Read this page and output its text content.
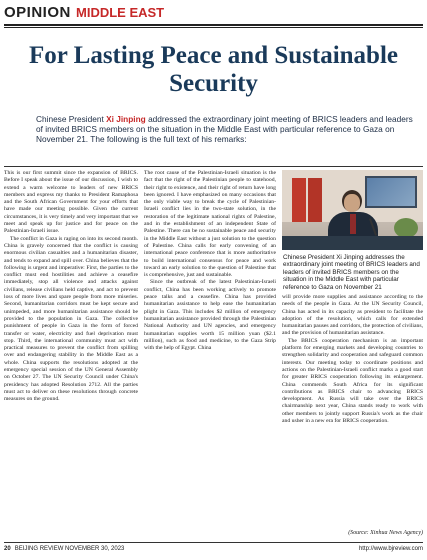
OPINION MIDDLE EAST
For Lasting Peace and Sustainable Security
Chinese President Xi Jinping addressed the extraordinary joint meeting of BRICS leaders and leaders of invited BRICS members on the situation in the Middle East with particular reference to Gaza on November 21. The following is the full text of his remarks:

This is our first summit since the expansion of BRICS. Before I speak about the issue of our discussion, I wish to extend a warm welcome to leaders of new BRICS members and express my thanks to President Ramaphosa and the South African Government for your efforts that have made our meeting possible. Given the current circumstances, it is very timely and very important that we meet and speak up for justice and for peace on the Palestinian-Israeli issue.

The conflict in Gaza is raging on into its second month. China is gravely concerned that the conflict is causing enormous civilian casualties and a humanitarian disaster, and tends to expand and spill over. China believes that the following is urgent and imperative: First, the parties to the conflict must end hostilities and achieve a ceasefire immediately, stop all violence and attacks against civilians, release civilians held captive, and act to prevent loss of more lives and spare people from more miseries. Second, humanitarian corridors must be kept secure and unimpeded, and more humanitarian assistance should be provided to the population in Gaza. The collective punishment of people in Gaza in the form of forced transfer or water, electricity and fuel deprivation must stop. Third, the international community must act with practical measures to prevent the conflict from spilling over and endangering stability in the Middle East as a whole. China supports the resolutions adopted at the emergency special session of the UN General Assembly on October 27. The UN Security Council under China's presidency has adopted Resolution 2712. All the parties must act to deliver on these resolutions through concrete measures on the ground.

The root cause of the Palestinian-Israeli situation is the fact that the right of the Palestinian people to statehood, their right to existence, and their right of return have long been ignored. I have emphasized on many occasions that the only viable way to break the cycle of Palestinian-Israeli conflict lies in the two-state solution, in the restoration of the legitimate national rights of Palestine, and in the establishment of an independent State of Palestine. There can be no sustainable peace and security in the Middle East without a just solution to the question of Palestine. China calls for early convening of an international peace conference that is more authoritative to build international consensus for peace and work toward an early solution to the question of Palestine that is comprehensive, just and sustainable.

Since the outbreak of the latest Palestinian-Israeli conflict, China has been working actively to promote peace talks and a ceasefire. China has provided humanitarian assistance to help ease the humanitarian plight in Gaza. This includes $2 million of emergency humanitarian assistance provided through the Palestinian National Authority and UN agencies, and emergency humanitarian supplies worth 15 million yuan ($2.1 million), such as food and medicine, to the Gaza Strip with the help of Egypt. China

Chinese President Xi Jinping addresses the extraordinary joint meeting of BRICS leaders and leaders of invited BRICS members on the situation in the Middle East with particular reference to Gaza on November 21

will provide more supplies and assistance according to the needs of the people in Gaza. At the UN Security Council, China has acted in its capacity as president to facilitate the adoption of the resolution, which calls for extended humanitarian pauses and corridors, the protection of civilians, and the provision of humanitarian assistance.

The BRICS cooperation mechanism is an important platform for emerging markets and developing countries to strengthen solidarity and cooperation and safeguard common interests. Our meeting today to coordinate positions and actions on the Palestinian-Israeli conflict marks a good start for greater BRICS cooperation following its enlargement. China commends South Africa for its significant contributions as BRICS chair to advancing BRICS development. As Russia will take over the BRICS chairmanship next year, China stands ready to work with other members to jointly support Russia's work as the chair and usher in a new era for BRICS cooperation.

(Source: Xinhua News Agency)
20 BEIJING REVIEW NOVEMBER 30, 2023	http://www.bjreview.com
